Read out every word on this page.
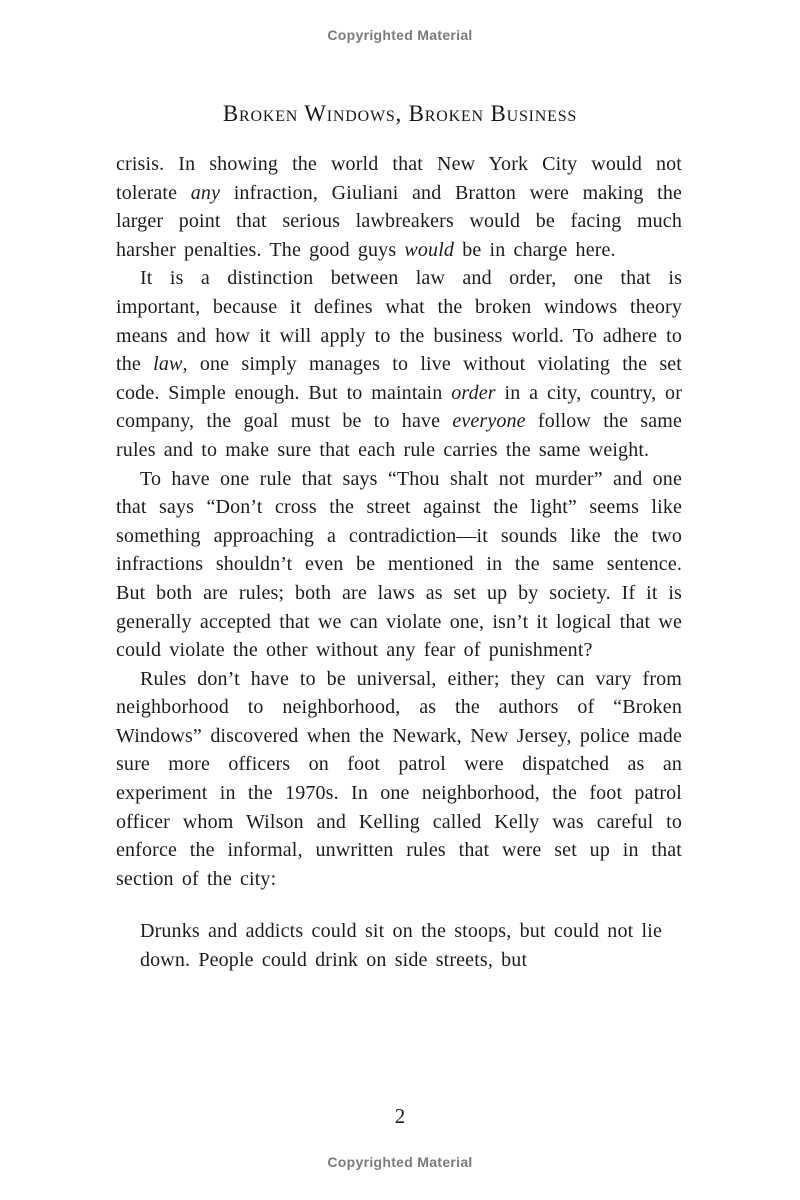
Copyrighted Material
Broken Windows, Broken Business

crisis. In showing the world that New York City would not tolerate any infraction, Giuliani and Bratton were making the larger point that serious lawbreakers would be facing much harsher penalties. The good guys would be in charge here.

It is a distinction between law and order, one that is important, because it defines what the broken windows theory means and how it will apply to the business world. To adhere to the law, one simply manages to live without violating the set code. Simple enough. But to maintain order in a city, country, or company, the goal must be to have everyone follow the same rules and to make sure that each rule carries the same weight.

To have one rule that says “Thou shalt not murder” and one that says “Don’t cross the street against the light” seems like something approaching a contradiction—it sounds like the two infractions shouldn’t even be mentioned in the same sentence. But both are rules; both are laws as set up by society. If it is generally accepted that we can violate one, isn’t it logical that we could violate the other without any fear of punishment?

Rules don’t have to be universal, either; they can vary from neighborhood to neighborhood, as the authors of “Broken Windows” discovered when the Newark, New Jersey, police made sure more officers on foot patrol were dispatched as an experiment in the 1970s. In one neighborhood, the foot patrol officer whom Wilson and Kelling called Kelly was careful to enforce the informal, unwritten rules that were set up in that section of the city:

Drunks and addicts could sit on the stoops, but could not lie down. People could drink on side streets, but

2
Copyrighted Material
